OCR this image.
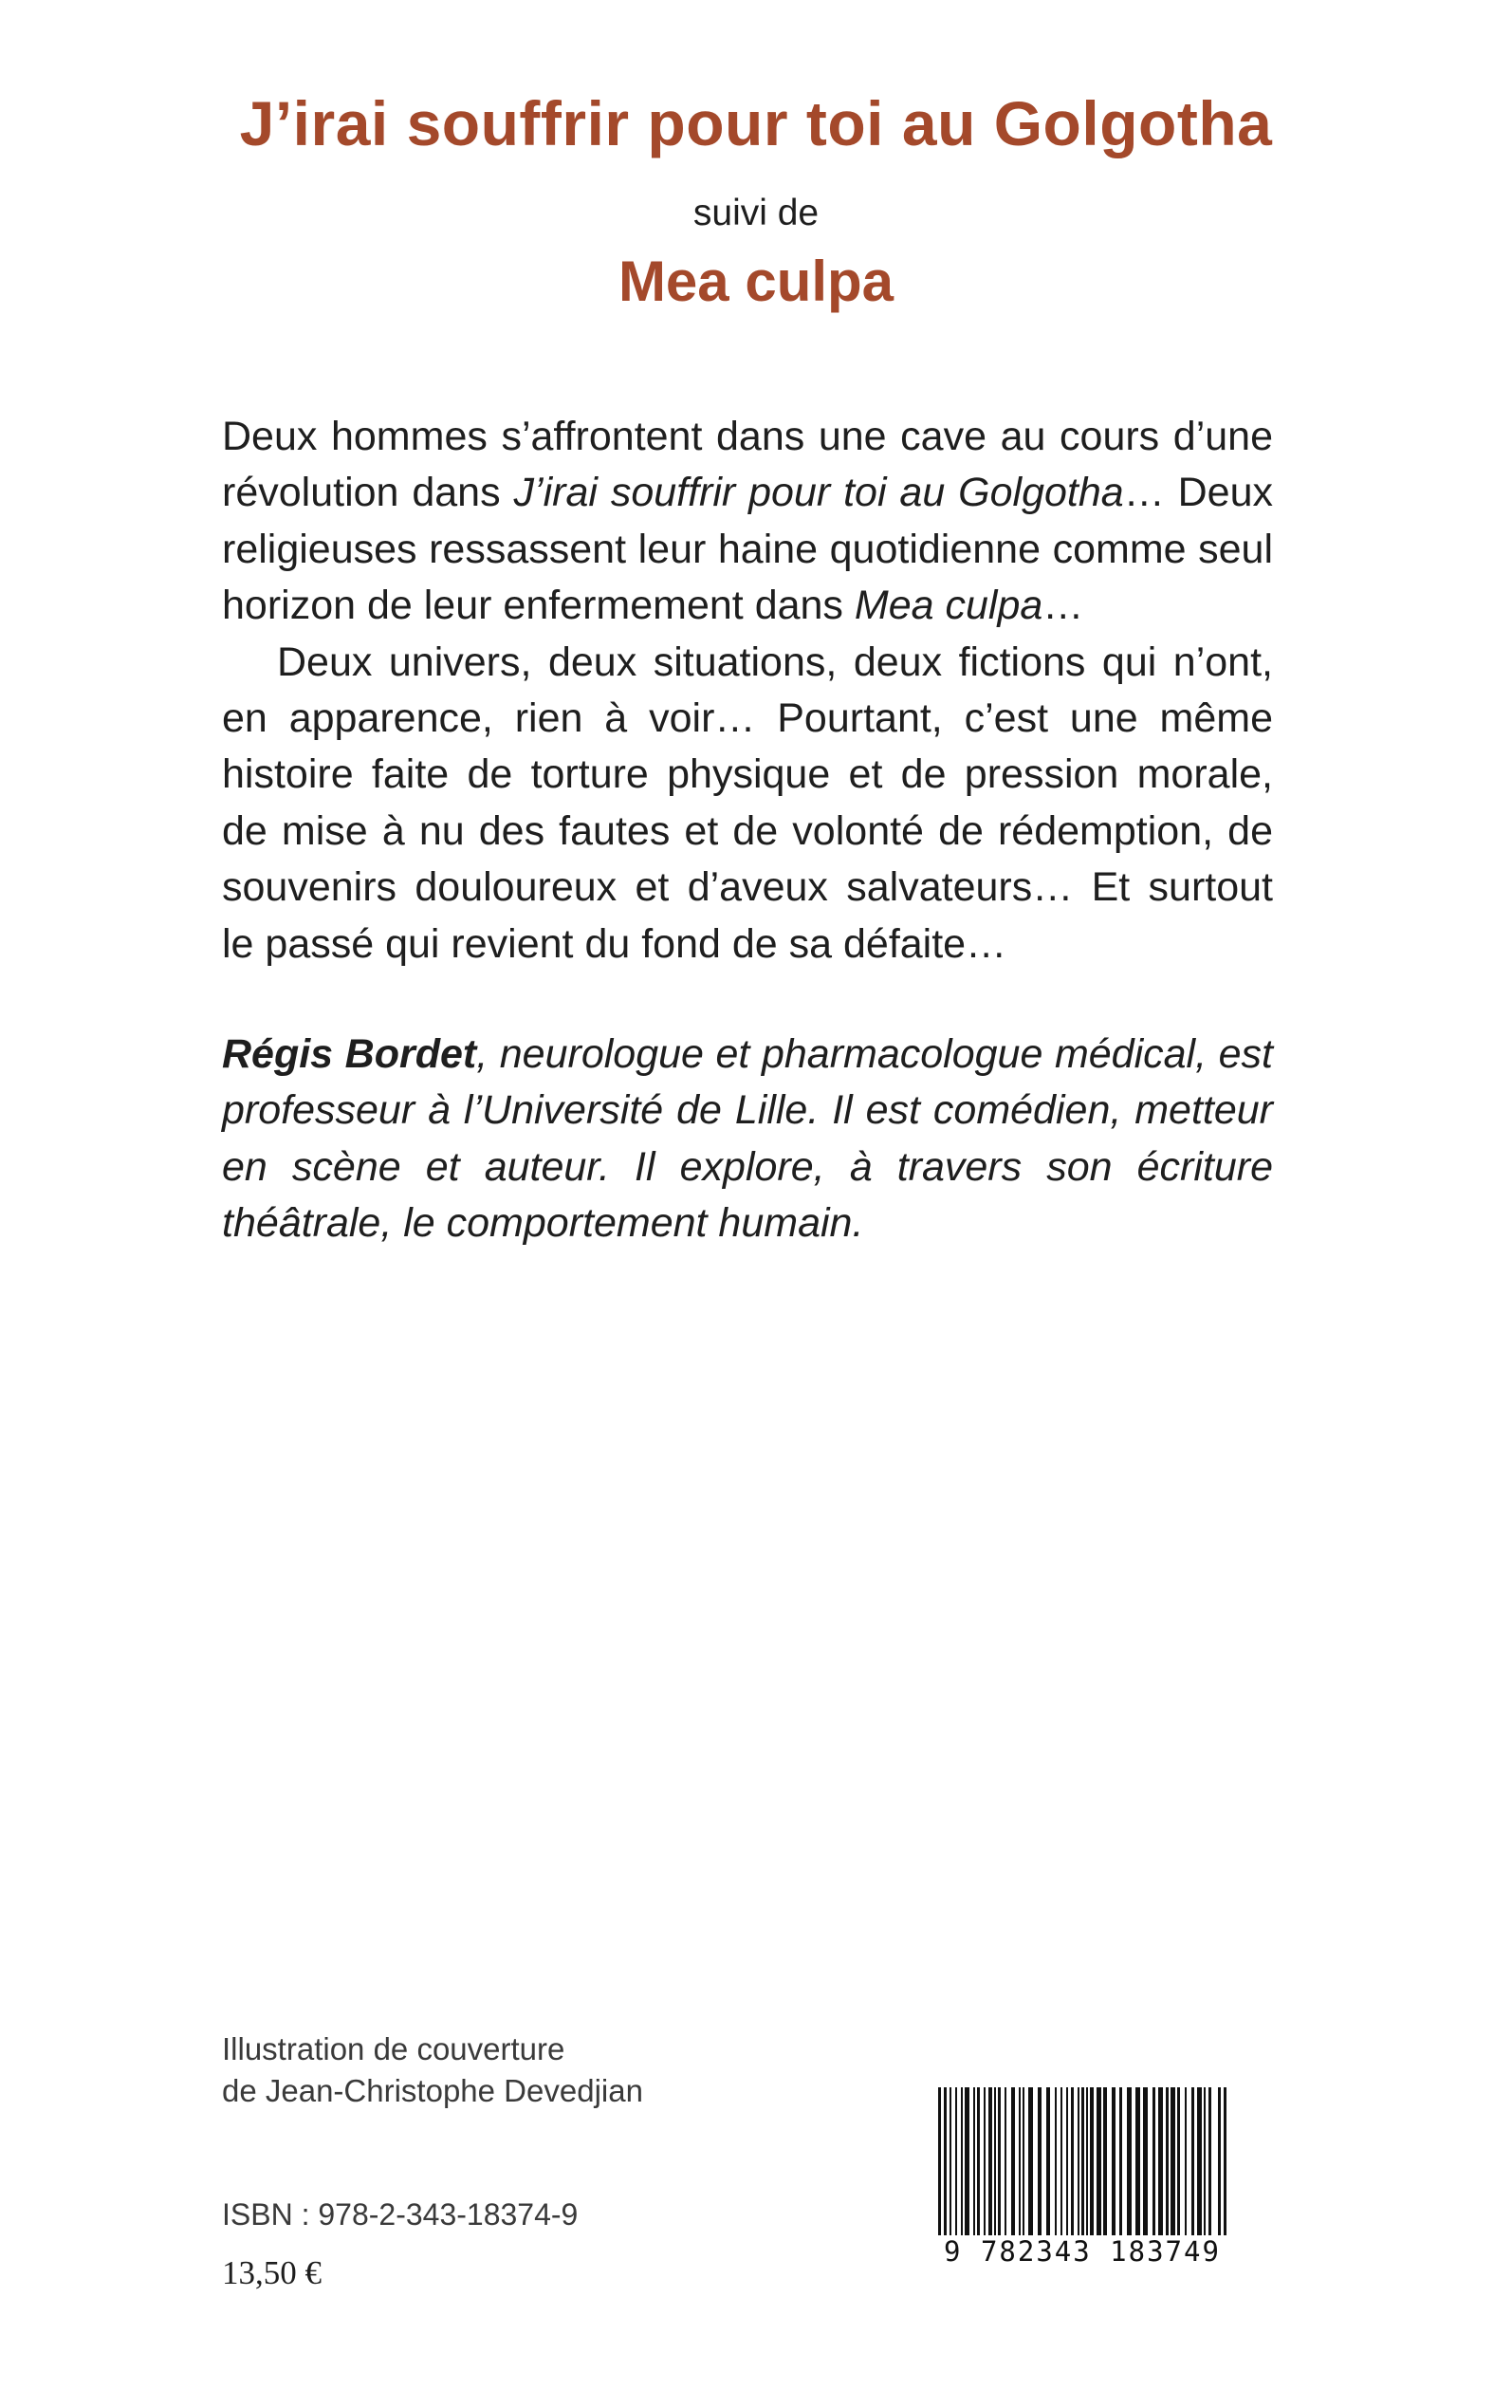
J’irai souffrir pour toi au Golgotha
suivi de
Mea culpa

Deux hommes s’affrontent dans une cave au cours d’une révolution dans J’irai souffrir pour toi au Golgotha… Deux religieuses ressassent leur haine quotidienne comme seul horizon de leur enfermement dans Mea culpa…

Deux univers, deux situations, deux fictions qui n’ont, en apparence, rien à voir… Pourtant, c’est une même histoire faite de torture physique et de pression morale, de mise à nu des fautes et de volonté de rédemption, de souvenirs douloureux et d’aveux salvateurs… Et surtout le passé qui revient du fond de sa défaite…

Régis Bordet, neurologue et pharmacologue médical, est professeur à l’Université de Lille. Il est comédien, metteur en scène et auteur. Il explore, à travers son écriture théâtrale, le comportement humain.
Illustration de couverture
de Jean-Christophe Devedjian
ISBN : 978-2-343-18374-9
13,50 €
9 782343 183749
